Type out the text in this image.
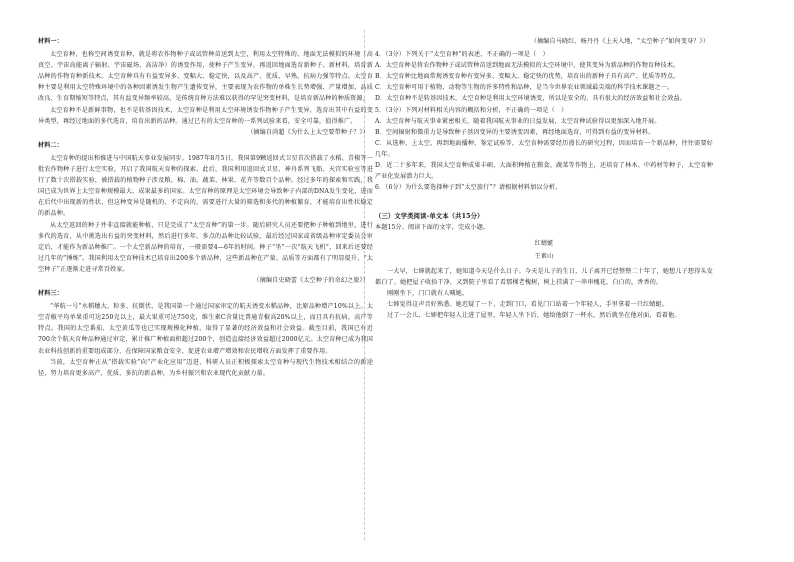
材料一：

太空育种，也称空间诱变育种，就是将农作物种子或试管种苗送到太空，利用太空特殊的、地面无法模拟的环境（高真空、宇宙高能离子辐射、宇宙磁场、高洁净）的诱变作用，使种子产生变异，再返回地面选育新种子、新材料，培育新品种的作物育种新技术。太空育种具有有益变异多、变幅大、稳定快，以及高产、优质、早熟、抗病力强等特点。太空育种主要是利用太空特殊环境中的各种因素诱发生物产生遗传变异，主要表现为农作物的单株生长势增强、产量增加、品质改良、生育期缩短等特点，其有益变异频率较高，是传统育种方法难以获得的罕见突变材料，是培育新品种的种质资源。

太空育种不是新鲜事物，也不是转基因技术，太空育种是利用太空环境诱发作物种子产生变异，选育出其中有益的变异类型，再经过地面的多代选育，培育出新的品种。通过已有的太空育种的一系列试验来看，安全可靠，值得推广。

（摘编自尚超《为什么上太空要带种子？》）

材料二：

太空育种的提出和推进与中国航天事业发展同步。1987年8月5日，我国第9颗返回式卫星首次搭载了水稻、青椒等一批农作物种子进行太空实验，开启了我国航天育种的探索。此后，我国利用返回式卫星、神舟系列飞船、天宫实验室等进行了数十次搭载实验，被搭载的植物种子涉及粮、棉、油、蔬菜、林果、花卉等数百个品种。经过多年的探索和实践，我国已成为世界上太空育种规模最大、成果最多的国家。太空育种的原理是太空环境会导致种子内部的DNA发生变化，进而在后代中出现新的性状，但这种变异是随机的、不定向的，需要进行大量的筛选和多代的种植繁育，才能培育出性状稳定的新品种。

从太空返回的种子并非直接就能种植，只是完成了“太空育种”的第一步。随后研究人员还要把种子种植到地里，进行多代的选育，从中挑选出有益的突变材料，然后进行多年、多点的品种比较试验，最后经过国家或省级品种审定委员会审定后，才能作为新品种推广。一个太空新品种的培育，一般需要4—6年的时间。种子“坐”一次“航天飞机”，回来后还要经过几年的“锤炼”。我国利用太空育种技术已培育出200多个新品种，这些新品种在产量、品质等方面都有了明显提升，“太空种子”正逐渐走进寻常百姓家。

（摘编自史晓蕾《太空种子的奇幻之旅》）

材料三：

“华航一号”水稻穗大、粒多、抗倒伏，是我国第一个通过国家审定的航天诱变水稻品种，比原品种增产10%以上。太空青椒平均单果重可达250克以上，最大果重可达750克，维生素C含量比普通青椒高20%以上，而且具有抗病、高产等特点。我国的太空番茄、太空黄瓜等也已实现规模化种植，取得了显著的经济效益和社会效益。截至目前，我国已有近700余个航天育种品种通过审定，累计推广种植面积超过200个，创造直接经济效益超过2000亿元。太空育种已成为我国农业科技创新的重要组成部分，在保障国家粮食安全、促进农业增产增效和农民增收方面发挥了重要作用。

当前，太空育种正从“搭载实验”向“产业化应用”迈进，科研人员正积极探索太空育种与现代生物技术相结合的新途径，努力培育更多高产、优质、多抗的新品种，为乡村振兴和农业现代化贡献力量。

（摘编自马晓红、杨丹丹《上天入地，“太空种子”如何变身？》）

4．（3分）下列关于“太空育种”的表述，不正确的一项是（　）

A．太空育种是将农作物种子或试管种苗送到地面无法模拟的太空环境中，使其变异为新品种的作物育种技术。

B．太空育种比地面常规诱变育种有变异多、变幅大、稳定快的优势，培育出的新种子具有高产、优质等特点。

C．太空育种可用于植物、动物等生物的许多特性和品种，是当今世界农业领域最尖端的科学技术课题之一。

D．太空育种不是转基因技术，太空育种是利用太空环境诱变，所以是安全的，具有很大的经济效益和社会效益。

5．（3分）下列对材料相关内容的概括和分析，不正确的一项是（　）

A．太空育种与航天事业紧密相关，随着我国航天事业的日益发展，太空育种试验得以更加深入地开展。

B．空间辐射和微重力是导致种子基因变异的主要诱变因素，再经地面选育，可得到有益的变异材料。

C．从选种、上太空，再到地面播种、鉴定试验等，太空育种需要经历漫长的研究过程，因而培育一个新品种，往往需要好几年。

D．近二十多年来，我国太空育种成果丰硕，大面积种植在粮食、蔬菜等作物上，还培育了林木、中药材等种子，太空育种产业化发展潜力巨大。

6．（6分）为什么要选择种子到“太空旅行”？请根据材料加以分析。

（三）文学类阅读-单文本（共15分）

本题15分。阅读下面的文字，完成小题。

红蜻蜓

王素山

一大早，七婶就起来了，她知道今天是什么日子。今天是儿子的生日，儿子离开已经整整二十年了，她想儿子想得头发都白了。她把屋子收拾干净，又到院子里看了看那棵老槐树，树上挂满了一串串槐花，白白的，香香的。

刚刚坐下，门口就有人喊她。

七婶觉得这声音好熟悉。她迟疑了一下，走到门口，看见门口站着一个年轻人，手里拿着一只红蜻蜓。

过了一会儿，七婶把年轻人让进了屋里，年轻人坐下后，她给他倒了一杯水，然后就坐在他对面，看着他。
